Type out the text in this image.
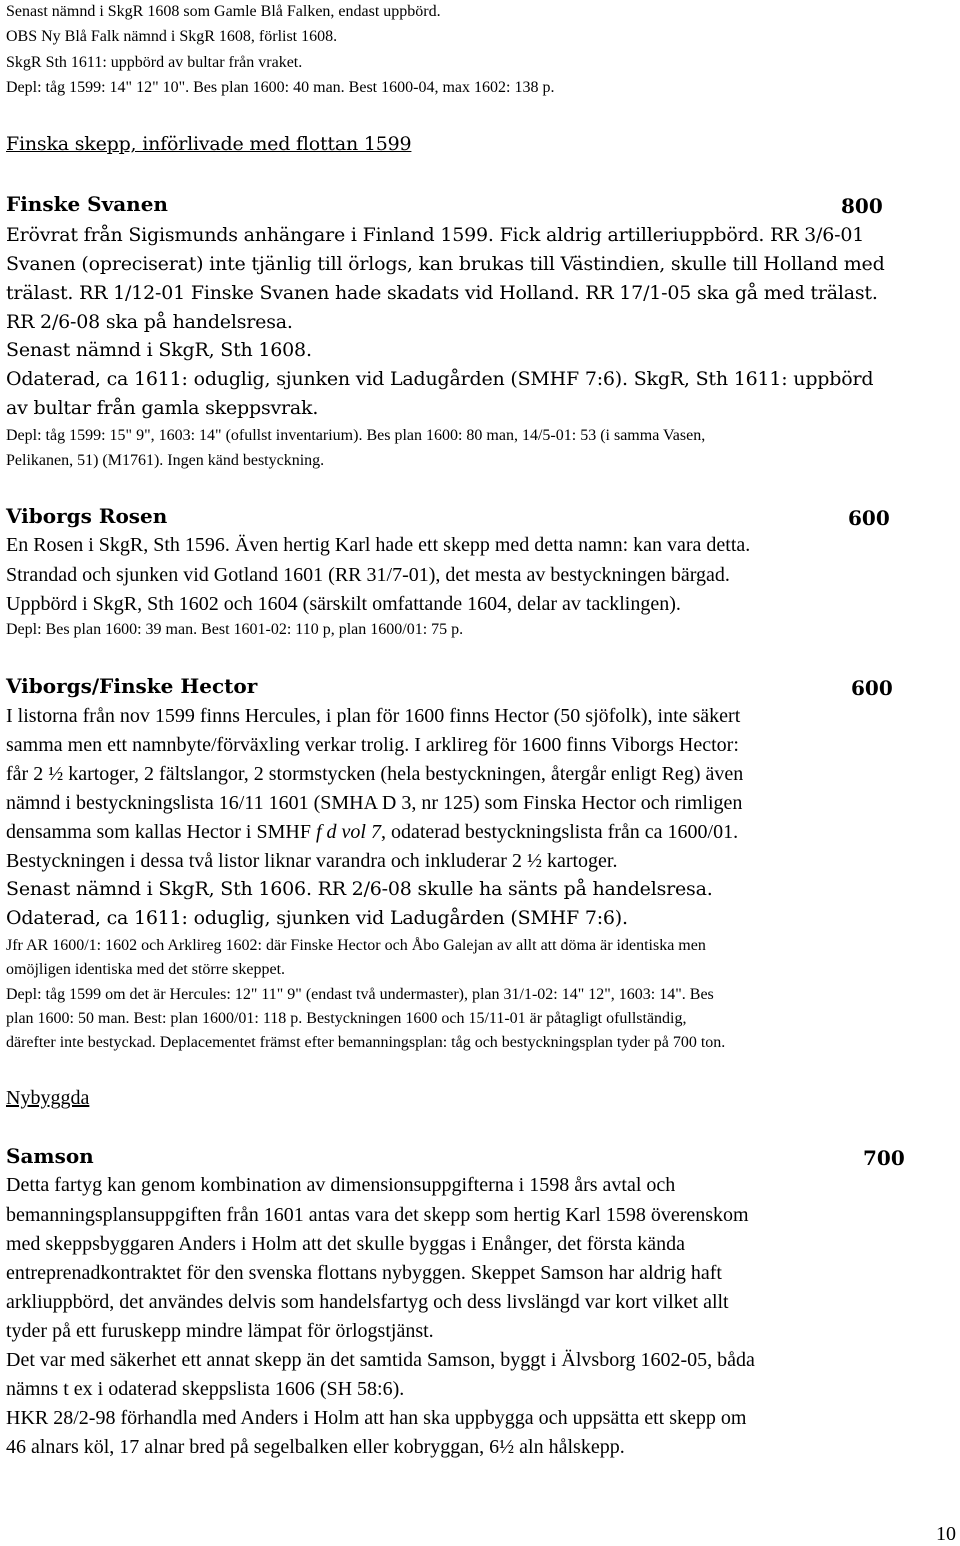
Senast nämnd i SkgR 1608 som Gamle Blå Falken, endast uppbörd.
OBS Ny Blå Falk nämnd i SkgR 1608, förlist 1608.
SkgR Sth 1611: uppbörd av bultar från vraket.
Depl: tåg 1599: 14" 12" 10". Bes plan 1600: 40 man. Best 1600-04, max 1602: 138 p.
Finska skepp, införlivade med flottan 1599
Finske Svanen	800
Erövrat från Sigismunds anhängare i Finland 1599. Fick aldrig artilleriuppbörd. RR 3/6-01
Svanen (opreciserat) inte tjänlig till örlogs, kan brukas till Västindien, skulle till Holland med
trälast. RR 1/12-01 Finske Svanen hade skadats vid Holland. RR 17/1-05 ska gå med trälast.
RR 2/6-08 ska på handelsresa.
Senast nämnd i SkgR, Sth 1608.
Odaterad, ca 1611: oduglig, sjunken vid Ladugården (SMHF 7:6). SkgR, Sth 1611: uppbörd
av bultar från gamla skeppsvrak.
Depl: tåg 1599: 15" 9", 1603: 14" (ofullst inventarium). Bes plan 1600: 80 man, 14/5-01: 53 (i samma Vasen,
Pelikanen, 51) (M1761). Ingen känd bestyckning.
Viborgs Rosen	600
En Rosen i SkgR, Sth 1596. Även hertig Karl hade ett skepp med detta namn: kan vara detta.
Strandad och sjunken vid Gotland 1601 (RR 31/7-01), det mesta av bestyckningen bärgad.
Uppbörd i SkgR, Sth 1602 och 1604 (särskilt omfattande 1604, delar av tacklingen).
Depl: Bes plan 1600: 39 man. Best 1601-02: 110 p, plan 1600/01: 75 p.
Viborgs/Finske Hector	600
I listorna från nov 1599 finns Hercules, i plan för 1600 finns Hector (50 sjöfolk), inte säkert
samma men ett namnbyte/förväxling verkar trolig. I arklireg för 1600 finns Viborgs Hector:
får 2 ½ kartoger, 2 fältslangor, 2 stormstycken (hela bestyckningen, återgår enligt Reg) även
nämnd i bestyckningslista 16/11 1601 (SMHA D 3, nr 125) som Finska Hector och rimligen
densamma som kallas Hector i SMHF f d vol 7, odaterad bestyckningslista från ca 1600/01.
Bestyckningen i dessa två listor liknar varandra och inkluderar 2 ½ kartoger.
Senast nämnd i SkgR, Sth 1606. RR 2/6-08 skulle ha sänts på handelsresa.
Odaterad, ca 1611: oduglig, sjunken vid Ladugården (SMHF 7:6).
Jfr AR 1600/1: 1602 och Arklireg 1602: där Finske Hector och Åbo Galejan av allt att döma är identiska men
omöjligen identiska med det större skeppet.
Depl: tåg 1599 om det är Hercules: 12" 11" 9" (endast två undermaster), plan 31/1-02: 14" 12", 1603: 14". Bes
plan 1600: 50 man. Best: plan 1600/01: 118 p. Bestyckningen 1600 och 15/11-01 är påtagligt ofullständig,
därefter inte bestyckad. Deplacementet främst efter bemanningsplan: tåg och bestyckningsplan tyder på 700 ton.
Nybyggda
Samson	700
Detta fartyg kan genom kombination av dimensionsuppgifterna i 1598 års avtal och
bemanningsplansuppgiften från 1601 antas vara det skepp som hertig Karl 1598 överenskom
med skeppsbyggaren Anders i Holm att det skulle byggas i Enånger, det första kända
entreprenadkontraktet för den svenska flottans nybyggen. Skeppet Samson har aldrig haft
arkliuppbörd, det användes delvis som handelsfartyg och dess livslängd var kort vilket allt
tyder på ett furuskepp mindre lämpat för örlogstjänst.
Det var med säkerhet ett annat skepp än det samtida Samson, byggt i Älvsborg 1602-05, båda
nämns t ex i odaterad skeppslista 1606 (SH 58:6).
HKR 28/2-98 förhandla med Anders i Holm att han ska uppbygga och uppsätta ett skepp om
46 alnars köl, 17 alnar bred på segelbalken eller kobryggan, 6½ aln hålskepp.
10
